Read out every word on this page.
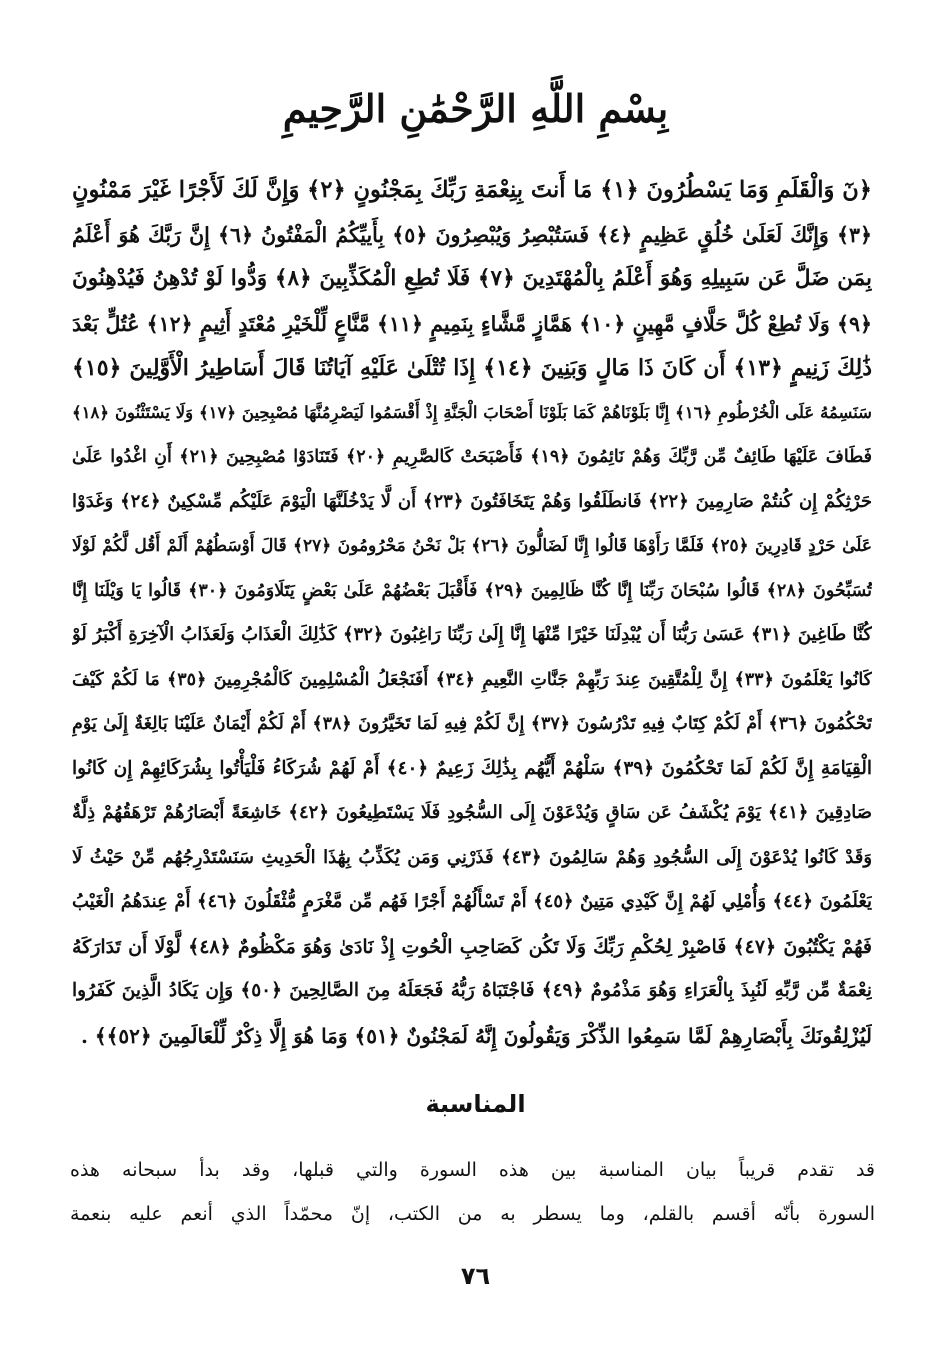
بِسْمِ اللَّهِ الرَّحْمَٰنِ الرَّحِيمِ
﴿نٓ وَالْقَلَمِ وَمَا يَسْطُرُونَ ﴿١﴾ مَا أَنتَ بِنِعْمَةِ رَبِّكَ بِمَجْنُونٍ ﴿٢﴾ وَإِنَّ لَكَ لَأَجْرًا غَيْرَ مَمْنُونٍ
﴿٣﴾ وَإِنَّكَ لَعَلَىٰ خُلُقٍ عَظِيمٍ ﴿٤﴾ فَسَتُبْصِرُ وَيُبْصِرُونَ ﴿٥﴾ بِأَييِّكُمُ الْمَفْتُونُ ﴿٦﴾ إِنَّ رَبَّكَ هُوَ أَعْلَمُ
بِمَن ضَلَّ عَن سَبِيلِهِ وَهُوَ أَعْلَمُ بِالْمُهْتَدِينَ ﴿٧﴾ فَلَا تُطِعِ الْمُكَذِّبِينَ ﴿٨﴾ وَدُّوا لَوْ تُدْهِنُ فَيُدْهِنُونَ
﴿٩﴾ وَلَا تُطِعْ كُلَّ حَلَّافٍ مَّهِينٍ ﴿١٠﴾ هَمَّازٍ مَّشَّاءٍ بِنَمِيمٍ ﴿١١﴾ مَّنَّاعٍ لِّلْخَيْرِ مُعْتَدٍ أَثِيمٍ ﴿١٢﴾ عُتُلٍّ بَعْدَ
ذَٰلِكَ زَنِيمٍ ﴿١٣﴾ أَن كَانَ ذَا مَالٍ وَبَنِينَ ﴿١٤﴾ إِذَا تُتْلَىٰ عَلَيْهِ آيَاتُنَا قَالَ أَسَاطِيرُ الْأَوَّلِينَ ﴿١٥﴾
سَنَسِمُهُ عَلَى الْخُرْطُومِ ﴿١٦﴾ إِنَّا بَلَوْنَاهُمْ كَمَا بَلَوْنَا أَصْحَابَ الْجَنَّةِ إِذْ أَقْسَمُوا لَيَصْرِمُنَّهَا مُصْبِحِينَ ﴿١٧﴾ وَلَا يَسْتَثْنُونَ ﴿١٨﴾
فَطَافَ عَلَيْهَا طَائِفٌ مِّن رَّبِّكَ وَهُمْ نَائِمُونَ ﴿١٩﴾ فَأَصْبَحَتْ كَالصَّرِيمِ ﴿٢٠﴾ فَتَنَادَوْا مُصْبِحِينَ ﴿٢١﴾ أَنِ اغْدُوا عَلَىٰ
حَرْثِكُمْ إِن كُنتُمْ صَارِمِينَ ﴿٢٢﴾ فَانطَلَقُوا وَهُمْ يَتَخَافَتُونَ ﴿٢٣﴾ أَن لَّا يَدْخُلَنَّهَا الْيَوْمَ عَلَيْكُم مِّسْكِينٌ ﴿٢٤﴾ وَغَدَوْا
عَلَىٰ حَرْدٍ قَادِرِينَ ﴿٢٥﴾ فَلَمَّا رَأَوْهَا قَالُوا إِنَّا لَضَالُّونَ ﴿٢٦﴾ بَلْ نَحْنُ مَحْرُومُونَ ﴿٢٧﴾ قَالَ أَوْسَطُهُمْ أَلَمْ أَقُل لَّكُمْ لَوْلَا
تُسَبِّحُونَ ﴿٢٨﴾ قَالُوا سُبْحَانَ رَبِّنَا إِنَّا كُنَّا ظَالِمِينَ ﴿٢٩﴾ فَأَقْبَلَ بَعْضُهُمْ عَلَىٰ بَعْضٍ يَتَلَاوَمُونَ ﴿٣٠﴾ قَالُوا يَا وَيْلَنَا إِنَّا
كُنَّا طَاغِينَ ﴿٣١﴾ عَسَىٰ رَبُّنَا أَن يُبْدِلَنَا خَيْرًا مِّنْهَا إِنَّا إِلَىٰ رَبِّنَا رَاغِبُونَ ﴿٣٢﴾ كَذَٰلِكَ الْعَذَابُ وَلَعَذَابُ الْآخِرَةِ أَكْبَرُ لَوْ
كَانُوا يَعْلَمُونَ ﴿٣٣﴾ إِنَّ لِلْمُتَّقِينَ عِندَ رَبِّهِمْ جَنَّاتِ النَّعِيمِ ﴿٣٤﴾ أَفَنَجْعَلُ الْمُسْلِمِينَ كَالْمُجْرِمِينَ ﴿٣٥﴾ مَا لَكُمْ كَيْفَ
تَحْكُمُونَ ﴿٣٦﴾ أَمْ لَكُمْ كِتَابٌ فِيهِ تَدْرُسُونَ ﴿٣٧﴾ إِنَّ لَكُمْ فِيهِ لَمَا تَخَيَّرُونَ ﴿٣٨﴾ أَمْ لَكُمْ أَيْمَانٌ عَلَيْنَا بَالِغَةٌ إِلَىٰ يَوْمِ
الْقِيَامَةِ إِنَّ لَكُمْ لَمَا تَحْكُمُونَ ﴿٣٩﴾ سَلْهُمْ أَيُّهُم بِذَٰلِكَ زَعِيمٌ ﴿٤٠﴾ أَمْ لَهُمْ شُرَكَاءُ فَلْيَأْتُوا بِشُرَكَائِهِمْ إِن كَانُوا
صَادِقِينَ ﴿٤١﴾ يَوْمَ يُكْشَفُ عَن سَاقٍ وَيُدْعَوْنَ إِلَى السُّجُودِ فَلَا يَسْتَطِيعُونَ ﴿٤٢﴾ خَاشِعَةً أَبْصَارُهُمْ تَرْهَقُهُمْ ذِلَّةٌ
وَقَدْ كَانُوا يُدْعَوْنَ إِلَى السُّجُودِ وَهُمْ سَالِمُونَ ﴿٤٣﴾ فَذَرْنِي وَمَن يُكَذِّبُ بِهَٰذَا الْحَدِيثِ سَنَسْتَدْرِجُهُم مِّنْ حَيْثُ لَا
يَعْلَمُونَ ﴿٤٤﴾ وَأُمْلِي لَهُمْ إِنَّ كَيْدِي مَتِينٌ ﴿٤٥﴾ أَمْ تَسْأَلُهُمْ أَجْرًا فَهُم مِّن مَّغْرَمٍ مُّثْقَلُونَ ﴿٤٦﴾ أَمْ عِندَهُمُ الْغَيْبُ
فَهُمْ يَكْتُبُونَ ﴿٤٧﴾ فَاصْبِرْ لِحُكْمِ رَبِّكَ وَلَا تَكُن كَصَاحِبِ الْحُوتِ إِذْ نَادَىٰ وَهُوَ مَكْظُومٌ ﴿٤٨﴾ لَّوْلَا أَن تَدَارَكَهُ
نِعْمَةٌ مِّن رَّبِّهِ لَنُبِذَ بِالْعَرَاءِ وَهُوَ مَذْمُومٌ ﴿٤٩﴾ فَاجْتَبَاهُ رَبُّهُ فَجَعَلَهُ مِنَ الصَّالِحِينَ ﴿٥٠﴾ وَإِن يَكَادُ الَّذِينَ كَفَرُوا
لَيُزْلِقُونَكَ بِأَبْصَارِهِمْ لَمَّا سَمِعُوا الذِّكْرَ وَيَقُولُونَ إِنَّهُ لَمَجْنُونٌ ﴿٥١﴾ وَمَا هُوَ إِلَّا ذِكْرٌ لِّلْعَالَمِينَ ﴿٥٢﴾﴾ .
المناسبة
قد تقدم قريباً بيان المناسبة بين هذه السورة والتي قبلها، وقد بدأ سبحانه هذه
السورة بأنّه أقسم بالقلم، وما يسطر به من الكتب، إنّ محمّداً الذي أنعم عليه بنعمة
٧٦
